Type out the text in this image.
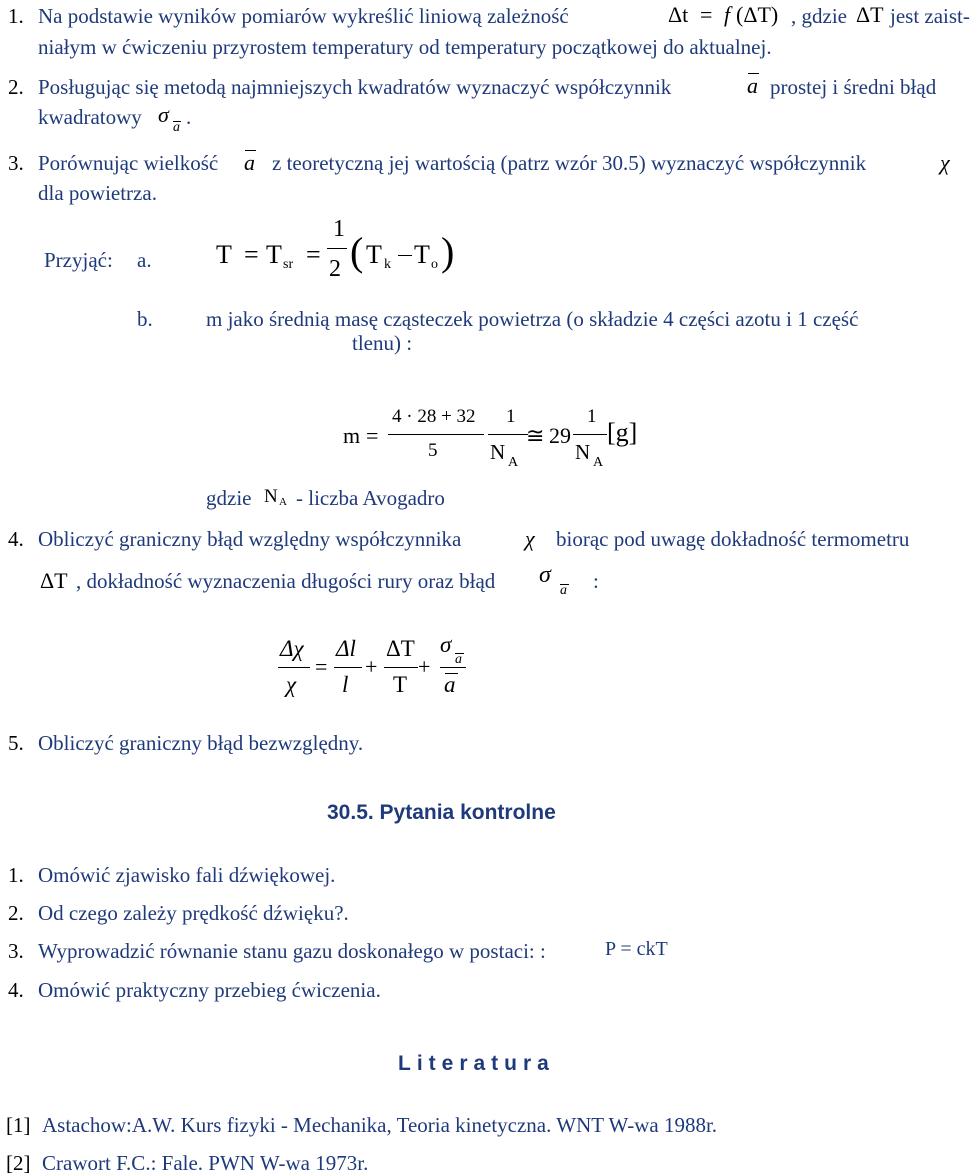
1. Na podstawie wyników pomiarów wykreślić liniową zależność	Δt = f (ΔT) , gdzie ΔT jest zaist-
niałym w ćwiczeniu przyrostem temperatury od temperatury początkowej do aktualnej.
2. Posługując się metodą najmniejszych kwadratów wyznaczyć współczynnik	a prostej i średni błąd
kwadratowy σ
a .
3. Porównując wielkość a z teoretyczną jej wartością (patrz wzór 30.5) wyznaczyć współczynnik	χ
dla powietrza.
Przyjąć: a. T = T sr =
1
2 ( T k T o )
b.	m jako średnią masę cząsteczek powietrza (o składzie 4 części azotu i 1 część
tlenu) :
m =
4 · 28 + 32
5
1
N A
≅ 29
1
N A
[g]
gdzie N A - liczba Avogadro
4. Obliczyć graniczny błąd względny współczynnika	χ biorąc pod uwagę dokładność termometru
ΔT , dokładność wyznaczenia długości rury oraz błąd σ
a :
Δχ
χ
=
Δl
l
+
ΔT
T
+
σ
a
a
5. Obliczyć graniczny błąd bezwzględny.
30.5. Pytania kontrolne
1. Omówić zjawisko fali dźwiękowej.
2. Od czego zależy prędkość dźwięku?.
3. Wyprowadzić równanie stanu gazu doskonałego w postaci: :	P = ckT
4. Omówić praktyczny przebieg ćwiczenia.
Literatura
[1] Astachow:A.W. Kurs fizyki - Mechanika, Teoria kinetyczna. WNT W-wa 1988r.
[2] Crawort F.C.: Fale. PWN W-wa 1973r.
